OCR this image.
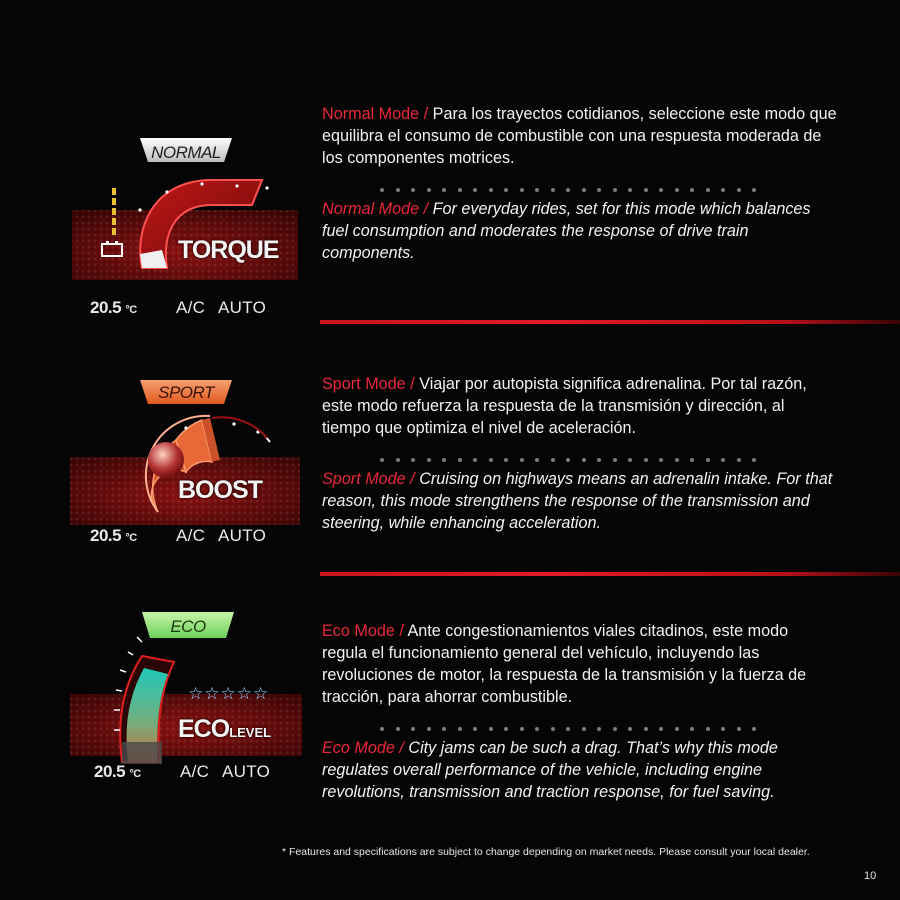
NORMAL
TORQUE
20.5 °C A/C AUTO
SPORT
BOOST
20.5 °C A/C AUTO
ECO
☆☆☆☆☆
ECOLEVEL
20.5 °C A/C AUTO

Normal Mode / Para los trayectos cotidianos, seleccione este modo que equilibra el consumo de combustible con una respuesta moderada de los componentes motrices.

Normal Mode / For everyday rides, set for this mode which balances fuel consumption and moderates the response of drive train components.

Sport Mode / Viajar por autopista significa adrenalina. Por tal razón, este modo refuerza la respuesta de la transmisión y dirección, al tiempo que optimiza el nivel de aceleración.

Sport Mode / Cruising on highways means an adrenalin intake. For that reason, this mode strengthens the response of the transmission and steering, while enhancing acceleration.

Eco Mode / Ante congestionamientos viales citadinos, este modo regula el funcionamiento general del vehículo, incluyendo las revoluciones de motor, la respuesta de la transmisión y la fuerza de tracción, para ahorrar combustible.

Eco Mode / City jams can be such a drag. That’s why this mode regulates overall performance of the vehicle, including engine revolutions, transmission and traction response, for fuel saving.

* Features and specifications are subject to change depending on market needs. Please consult your local dealer.
10
